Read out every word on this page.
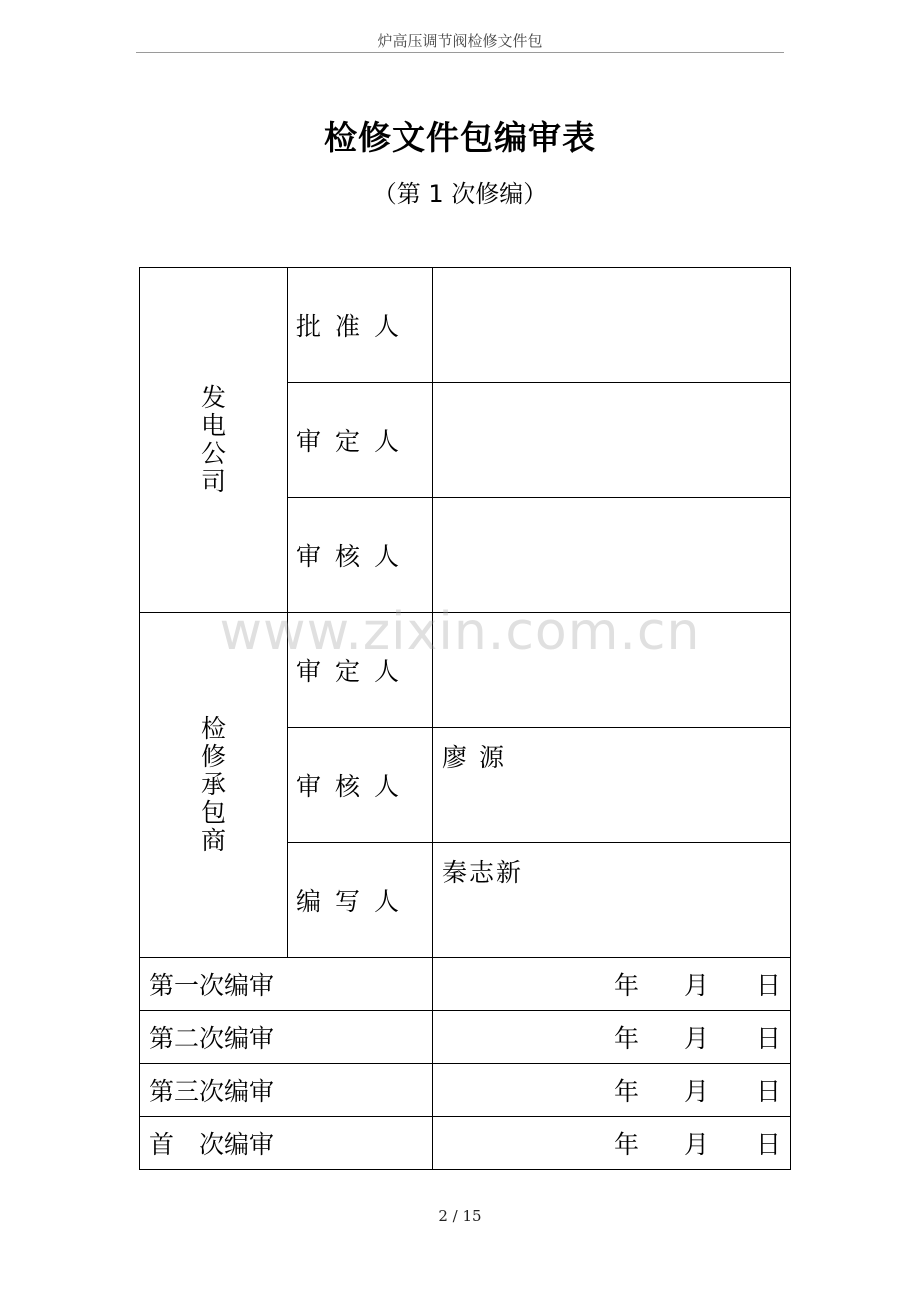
炉高压调节阀检修文件包
检修文件包编审表
（第 1 次修编）
发电公司	批准人	
	审定人	
	审核人	
检修承包商	审定人	
	审核人	廖 源
	编写人	秦志新
第一次编审		年 月 日

第二次编审		年 月 日

第三次编审		年 月 日

首　次编审		年 月 日
www.zixin.com.cn
2 / 15
